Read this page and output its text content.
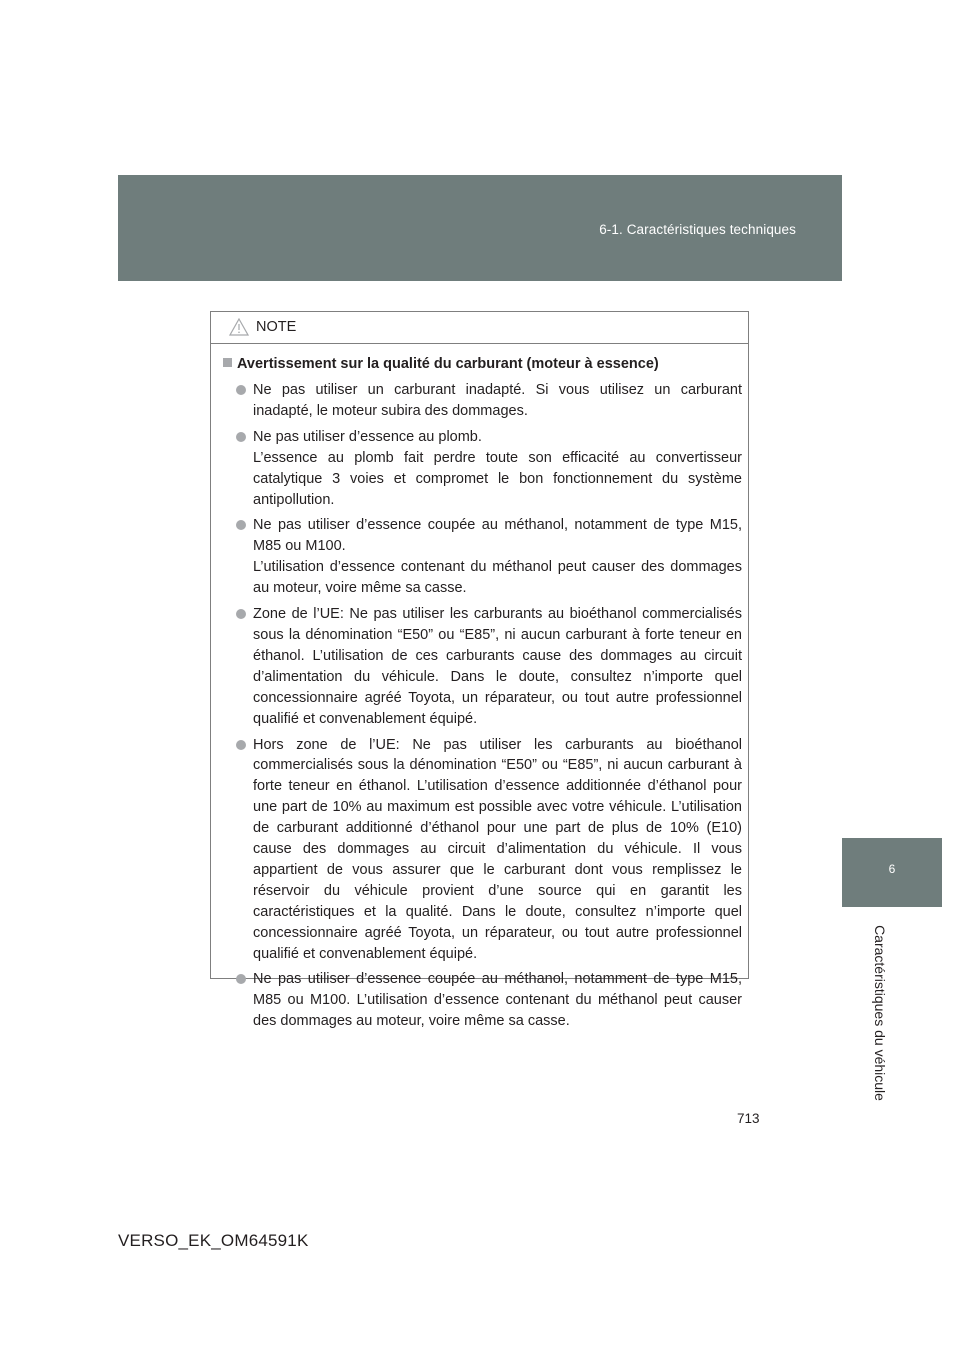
6-1. Caractéristiques techniques
6
Caractéristiques du véhicule
NOTE
Avertissement sur la qualité du carburant (moteur à essence)
Ne pas utiliser un carburant inadapté. Si vous utilisez un carburant inadapté, le moteur subira des dommages.
Ne pas utiliser d’essence au plomb.
L’essence au plomb fait perdre toute son efficacité au convertisseur catalytique 3 voies et compromet le bon fonctionnement du système antipollution.
Ne pas utiliser d’essence coupée au méthanol, notamment de type M15, M85 ou M100.
L’utilisation d’essence contenant du méthanol peut causer des dommages au moteur, voire même sa casse.
Zone de l’UE: Ne pas utiliser les carburants au bioéthanol commercialisés sous la dénomination “E50” ou “E85”, ni aucun carburant à forte teneur en éthanol. L’utilisation de ces carburants cause des dommages au circuit d’alimentation du véhicule. Dans le doute, consultez n’importe quel concessionnaire agréé Toyota, un réparateur, ou tout autre professionnel qualifié et convenablement équipé.
Hors zone de l’UE: Ne pas utiliser les carburants au bioéthanol commercialisés sous la dénomination “E50” ou “E85”, ni aucun carburant à forte teneur en éthanol. L’utilisation d’essence additionnée d’éthanol pour une part de 10% au maximum est possible avec votre véhicule. L’utilisation de carburant additionné d’éthanol pour une part de plus de 10% (E10) cause des dommages au circuit d’alimentation du véhicule. Il vous appartient de vous assurer que le carburant dont vous remplissez le réservoir du véhicule provient d’une source qui en garantit les caractéristiques et la qualité. Dans le doute, consultez n’importe quel concessionnaire agréé Toyota, un réparateur, ou tout autre professionnel qualifié et convenablement équipé.
Ne pas utiliser d’essence coupée au méthanol, notamment de type M15, M85 ou M100. L’utilisation d’essence contenant du méthanol peut causer des dommages au moteur, voire même sa casse.
713
VERSO_EK_OM64591K
